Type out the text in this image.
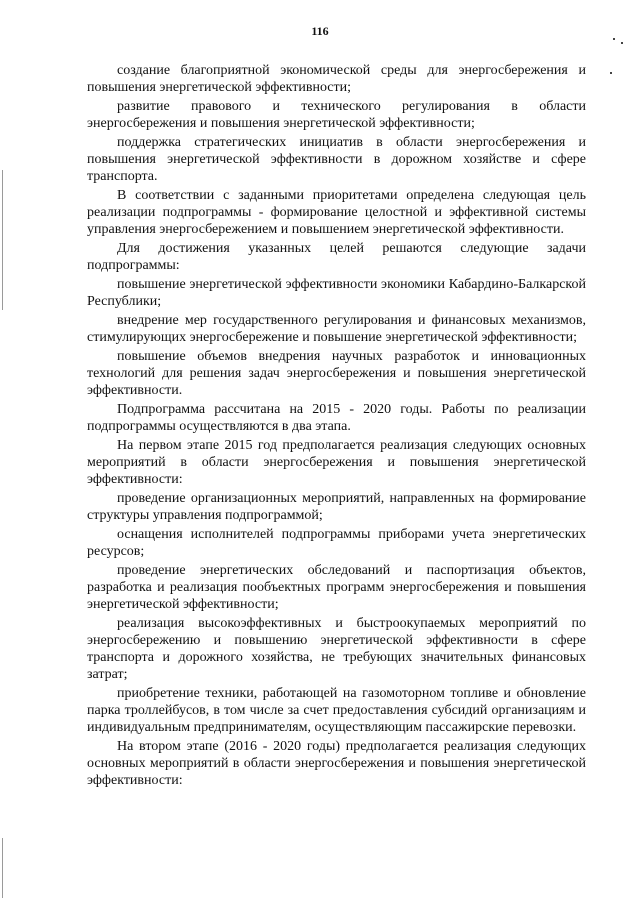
116

создание благоприятной экономической среды для энергосбережения и повышения энергетической эффективности;

развитие правового и технического регулирования в области энергосбережения и повышения энергетической эффективности;

поддержка стратегических инициатив в области энергосбережения и повышения энергетической эффективности в дорожном хозяйстве и сфере транспорта.

В соответствии с заданными приоритетами определена следующая цель реализации подпрограммы - формирование целостной и эффективной системы управления энергосбережением и повышением энергетической эффективности.

Для достижения указанных целей решаются следующие задачи подпрограммы:

повышение энергетической эффективности экономики Кабардино-Балкарской Республики;

внедрение мер государственного регулирования и финансовых механизмов, стимулирующих энергосбережение и повышение энергетической эффективности;

повышение объемов внедрения научных разработок и инновационных технологий для решения задач энергосбережения и повышения энергетической эффективности.

Подпрограмма рассчитана на 2015 - 2020 годы. Работы по реализации подпрограммы осуществляются в два этапа.

На первом этапе 2015 год предполагается реализация следующих основных мероприятий в области энергосбережения и повышения энергетической эффективности:

проведение организационных мероприятий, направленных на формирование структуры управления подпрограммой;

оснащения исполнителей подпрограммы приборами учета энергетических ресурсов;

проведение энергетических обследований и паспортизация объектов, разработка и реализация пообъектных программ энергосбережения и повышения энергетической эффективности;

реализация высокоэффективных и быстроокупаемых мероприятий по энергосбережению и повышению энергетической эффективности в сфере транспорта и дорожного хозяйства, не требующих значительных финансовых затрат;

приобретение техники, работающей на газомоторном топливе и обновление парка троллейбусов, в том числе за счет предоставления субсидий организациям и индивидуальным предпринимателям, осуществляющим пассажирские перевозки.

На втором этапе (2016 - 2020 годы) предполагается реализация следующих основных мероприятий в области энергосбережения и повышения энергетической эффективности:
